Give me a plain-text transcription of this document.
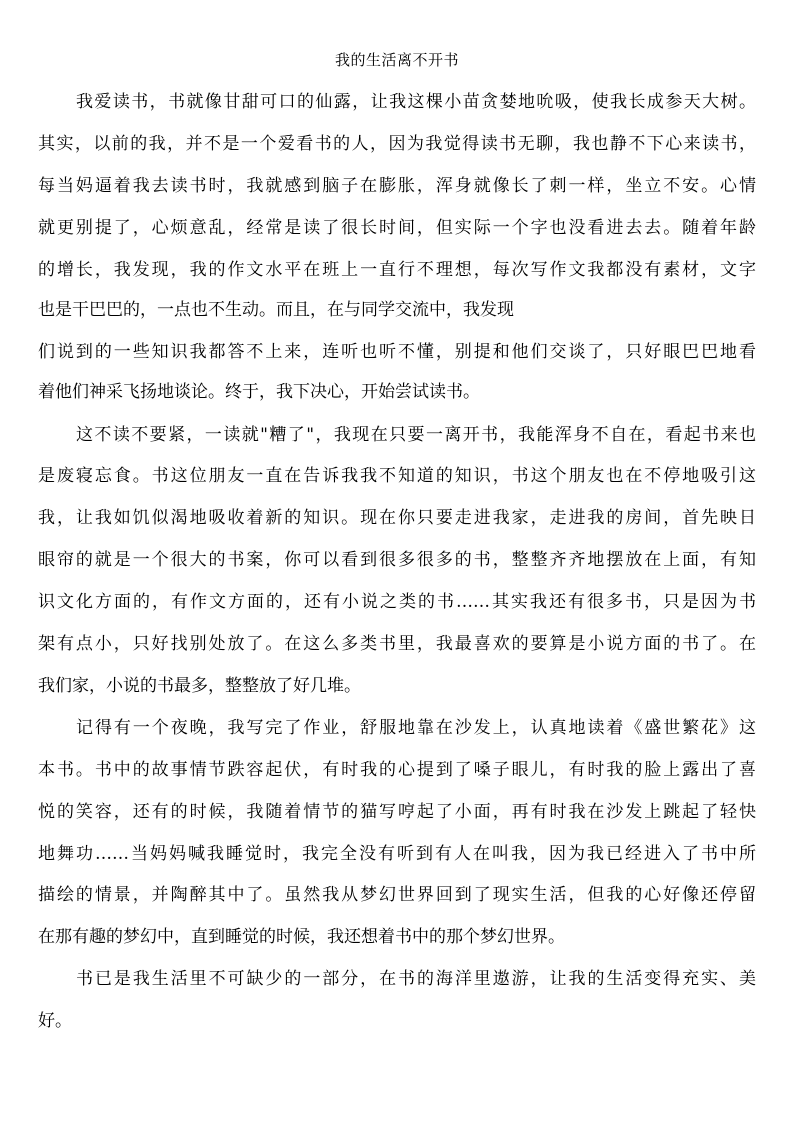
我的生活离不开书
我爱读书，书就像甘甜可口的仙露，让我这棵小苗贪婪地吮吸，使我长成参天大树。
其实，以前的我，并不是一个爱看书的人，因为我觉得读书无聊，我也静不下心来读书，
每当妈逼着我去读书时，我就感到脑子在膨胀，浑身就像长了刺一样，坐立不安。心情
就更别提了，心烦意乱，经常是读了很长时间，但实际一个字也没看进去去。随着年龄
的增长，我发现，我的作文水平在班上一直行不理想，每次写作文我都没有素材，文字
也是干巴巴的，一点也不生动。而且，在与同学交流中，我发现
们说到的一些知识我都答不上来，连听也听不懂，别提和他们交谈了，只好眼巴巴地看
着他们神采飞扬地谈论。终于，我下决心，开始尝试读书。
这不读不要紧，一读就"糟了"，我现在只要一离开书，我能浑身不自在，看起书来也
是废寝忘食。书这位朋友一直在告诉我我不知道的知识，书这个朋友也在不停地吸引这
我，让我如饥似渴地吸收着新的知识。现在你只要走进我家，走进我的房间，首先映日
眼帘的就是一个很大的书案，你可以看到很多很多的书，整整齐齐地摆放在上面，有知
识文化方面的，有作文方面的，还有小说之类的书……其实我还有很多书，只是因为书
架有点小，只好找别处放了。在这么多类书里，我最喜欢的要算是小说方面的书了。在
我们家，小说的书最多，整整放了好几堆。
记得有一个夜晚，我写完了作业，舒服地靠在沙发上，认真地读着《盛世繁花》这
本书。书中的故事情节跌容起伏，有时我的心提到了嗓子眼儿，有时我的脸上露出了喜
悦的笑容，还有的时候，我随着情节的猫写哼起了小面，再有时我在沙发上跳起了轻快
地舞功……当妈妈喊我睡觉时，我完全没有听到有人在叫我，因为我已经进入了书中所
描绘的情景，并陶醉其中了。虽然我从梦幻世界回到了现实生活，但我的心好像还停留
在那有趣的梦幻中，直到睡觉的时候，我还想着书中的那个梦幻世界。
书已是我生活里不可缺少的一部分，在书的海洋里遨游，让我的生活变得充实、美
好。
